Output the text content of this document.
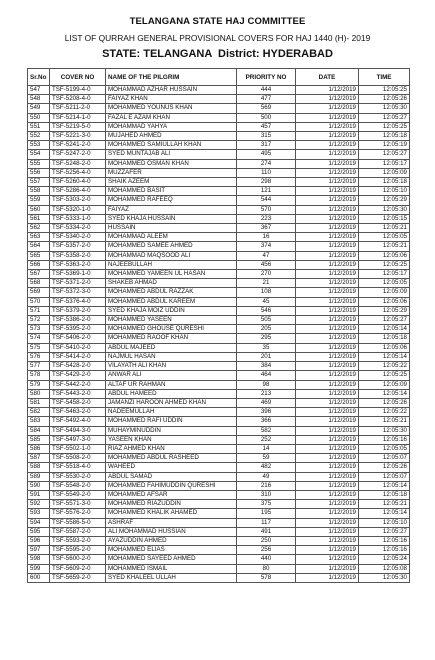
TELANGANA STATE HAJ COMMITTEE
LIST OF QURRAH GENERAL PROVISIONAL COVERS FOR HAJ 1440 (H)- 2019
STATE: TELANGANA District: HYDERABAD
Sr.No	COVER NO	NAME OF THE PILGRIM	PRIORITY NO	DATE	TIME
547	TSF-5199-4-0	MOHAMMAD AZHAR HUSSAIN	444	1/12/2019	12:05:25
548	TSF-5208-4-0	FAIYAZ KHAN	477	1/12/2019	12:05:26
549	TSF-5211-2-0	MOHAMMED YOUNUS KHAN	569	1/12/2019	12:05:30
550	TSF-5214-1-0	FAZAL E AZAM KHAN	500	1/12/2019	12:05:27
551	TSF-5219-5-0	MOHAMMAD YAHYA	457	1/12/2019	12:05:25
552	TSF-5221-3-0	MUJAHED AHMED	315	1/12/2019	12:05:18
553	TSF-5241-2-0	MOHAMMED SAMIULLAH KHAN	317	1/12/2019	12:05:19
554	TSF-5247-2-0	SYED MUNTAJAB ALI	495	1/12/2019	12:05:27
555	TSF-5248-2-0	MOHAMMED OSMAN KHAN	274	1/12/2019	12:05:17
556	TSF-5256-4-0	MUZZAFER	110	1/12/2019	12:05:09
557	TSF-5260-4-0	SHAIK AZEEM	298	1/12/2019	12:05:18
558	TSF-5286-4-0	MOHAMMED BASIT	121	1/12/2019	12:05:10
559	TSF-5303-2-0	MOHAMMED RAFEEQ	544	1/12/2019	12:05:29
560	TSF-5320-1-0	FAIYAZ	570	1/12/2019	12:05:30
561	TSF-5333-1-0	SYED KHAJA HUSSAIN	223	1/12/2019	12:05:15
562	TSF-5334-2-0	HUSSAIN	367	1/12/2019	12:05:21
563	TSF-5340-2-0	MOHAMMAD ALEEM	16	1/12/2019	12:05:05
564	TSF-5357-2-0	MOHAMMED SAMEE AHMED	374	1/12/2019	12:05:21
565	TSF-5358-2-0	MOHAMMAD MAQSOOD ALI	47	1/12/2019	12:05:06
566	TSF-5363-2-0	NAJEEBULLAH	456	1/12/2019	12:05:25
567	TSF-5369-1-0	MOHAMMED YAMEEN UL HASAN	270	1/12/2019	12:05:17
568	TSF-5371-2-0	SHAKEB AHMAD	21	1/12/2019	12:05:05
569	TSF-5372-3-0	MOHAMMED ABDUL RAZZAK	108	1/12/2019	12:05:09
570	TSF-5376-4-0	MOHAMMED ABDUL KAREEM	45	1/12/2019	12:05:06
571	TSF-5379-2-0	SYED KHAJA MOIZ UDDIN	546	1/12/2019	12:05:29
572	TSF-5386-2-0	MOHAMMED YASEEN	505	1/12/2019	12:05:27
573	TSF-5395-2-0	MOHAMMED GHOUSE QURESHI	205	1/12/2019	12:05:14
574	TSF-5406-2-0	MOHAMMED RAOOF KHAN	295	1/12/2019	12:05:18
575	TSF-5410-2-0	ABDUL MAJEED	35	1/12/2019	12:05:06
576	TSF-5414-2-0	NAJMUL HASAN	201	1/12/2019	12:05:14
577	TSF-5428-2-0	VILAYATH ALI KHAN	384	1/12/2019	12:05:22
578	TSF-5429-2-0	ANWAR ALI	464	1/12/2019	12:05:25
579	TSF-5442-2-0	ALTAF UR RAHMAN	98	1/12/2019	12:05:09
580	TSF-5443-2-0	ABDUL HAMEED	213	1/12/2019	12:05:14
581	TSF-5458-2-0	JAMANZI HAROON AHMED KHAN	469	1/12/2019	12:05:26
582	TSF-5463-2-0	NADEEMULLAH	396	1/12/2019	12:05:22
583	TSF-5492-4-0	MOHAMMED RAFI UDDIN	366	1/12/2019	12:05:21
584	TSF-5494-3-0	MUHAYMINUDDIN	582	1/12/2019	12:05:30
585	TSF-5497-3-0	YASEEN KHAN	252	1/12/2019	12:05:16
586	TSF-5502-1-0	RIAZ AHMED KHAN	14	1/12/2019	12:05:05
587	TSF-5508-2-0	MOHAMMED ABDUL RASHEED	59	1/12/2019	12:05:07
588	TSF-5518-4-0	WAHEED	482	1/12/2019	12:05:26
589	TSF-5530-2-0	ABDUL SAMAD	49	1/12/2019	12:05:07
590	TSF-5548-2-0	MOHAMMED FAHIMUDDIN QURESHI	216	1/12/2019	12:05:14
591	TSF-5549-2-0	MOHAMMED AFSAR	310	1/12/2019	12:05:18
592	TSF-5571-3-0	MOHAMMED RIAZUDDIN	375	1/12/2019	12:05:21
593	TSF-5576-2-0	MOHAMMED KHALIK AHAMED	195	1/12/2019	12:05:14
594	TSF-5586-5-0	ASHRAF	117	1/12/2019	12:05:10
595	TSF-5587-2-0	ALI MOHAMMAD HUSSIAN	491	1/12/2019	12:05:27
596	TSF-5593-2-0	AYAZUDDIN AHMED	250	1/12/2019	12:05:16
597	TSF-5595-2-0	MOHAMMED ELIAS	256	1/12/2019	12:05:16
598	TSF-5600-2-0	MOHAMMED SAYEED AHMED	440	1/12/2019	12:05:24
599	TSF-5609-2-0	MOHAMMED ISMAIL	80	1/12/2019	12:05:08
600	TSF-5659-2-0	SYED KHALEEL ULLAH	578	1/12/2019	12:05:30
